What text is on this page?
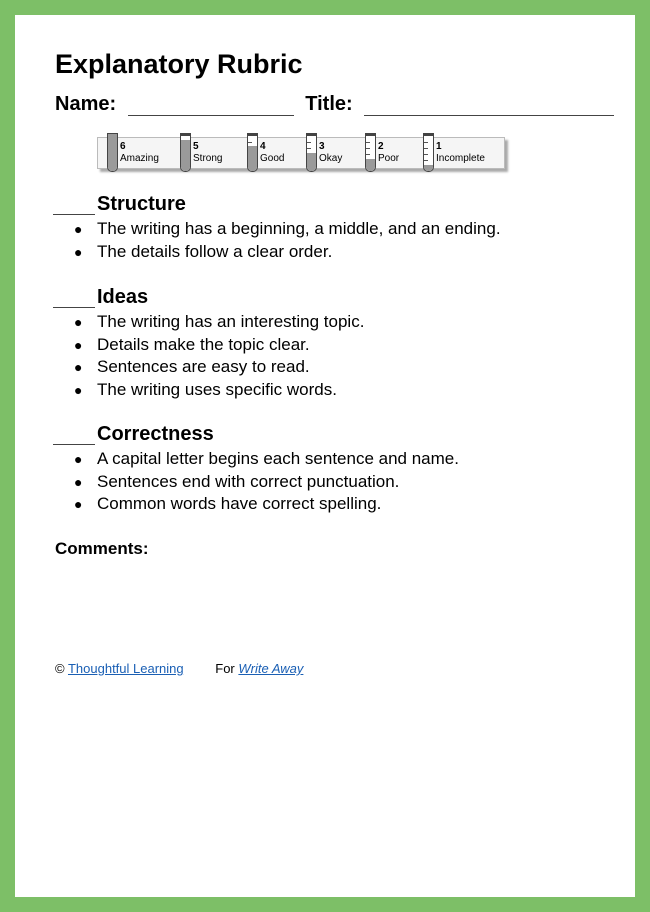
Explanatory Rubric
Name:	Title:
6
Amazing
5
Strong
4
Good
3
Okay
2
Poor
1
Incomplete
Structure
● The writing has a beginning, a middle, and an ending.
● The details follow a clear order.
Ideas
● The writing has an interesting topic.
● Details make the topic clear.
● Sentences are easy to read.
● The writing uses specific words.
Correctness
● A capital letter begins each sentence and name.
● Sentences end with correct punctuation.
● Common words have correct spelling.
Comments:
© Thoughtful Learning For Write Away
